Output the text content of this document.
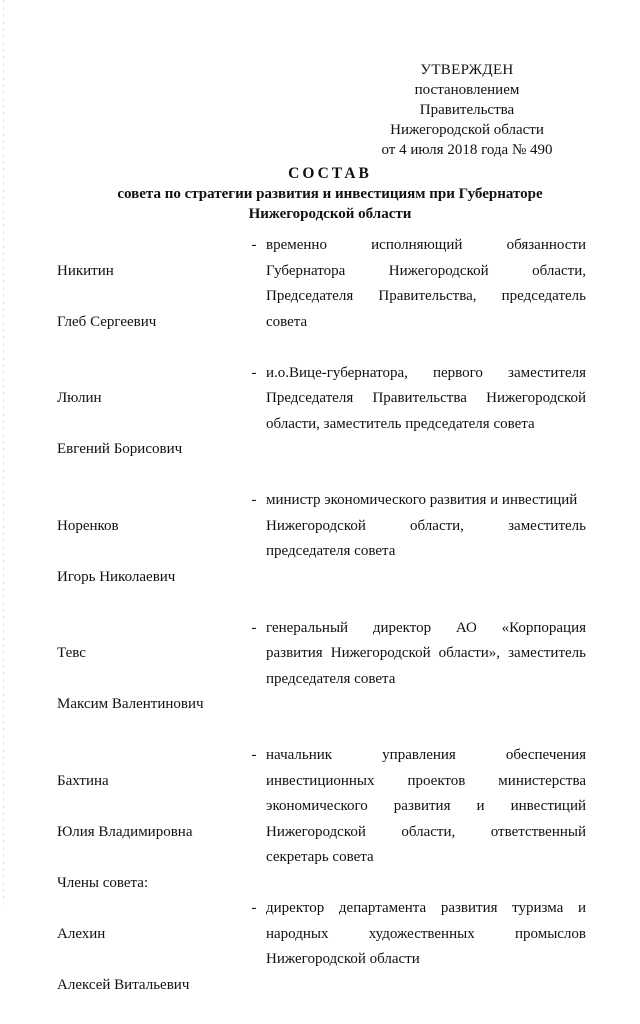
УТВЕРЖДЕН
постановлением Правительства
Нижегородской области
от 4 июля 2018 года № 490
СОСТАВ
совета по стратегии развития и инвестициям при Губернаторе
Нижегородской области

Никитин

Глеб Сергеевич

- временно исполняющий обязанности
Губернатора Нижегородской области,
Председателя Правительства, председатель
совета

Люлин

Евгений Борисович

- и.о.Вице-губернатора, первого заместителя
Председателя Правительства Нижегородской
области, заместитель председателя совета

Норенков

Игорь Николаевич

- министр экономического развития и инвестиций
Нижегородской области, заместитель
председателя совета

Тевс

Максим Валентинович

- генеральный директор АО «Корпорация
развития Нижегородской области», заместитель
председателя совета

Бахтина

Юлия Владимировна

- начальник управления обеспечения
инвестиционных проектов министерства
экономического развития и инвестиций
Нижегородской области, ответственный
секретарь совета
Члены совета:

Алехин

Алексей Витальевич

- директор департамента развития туризма и
народных художественных промыслов
Нижегородской области
